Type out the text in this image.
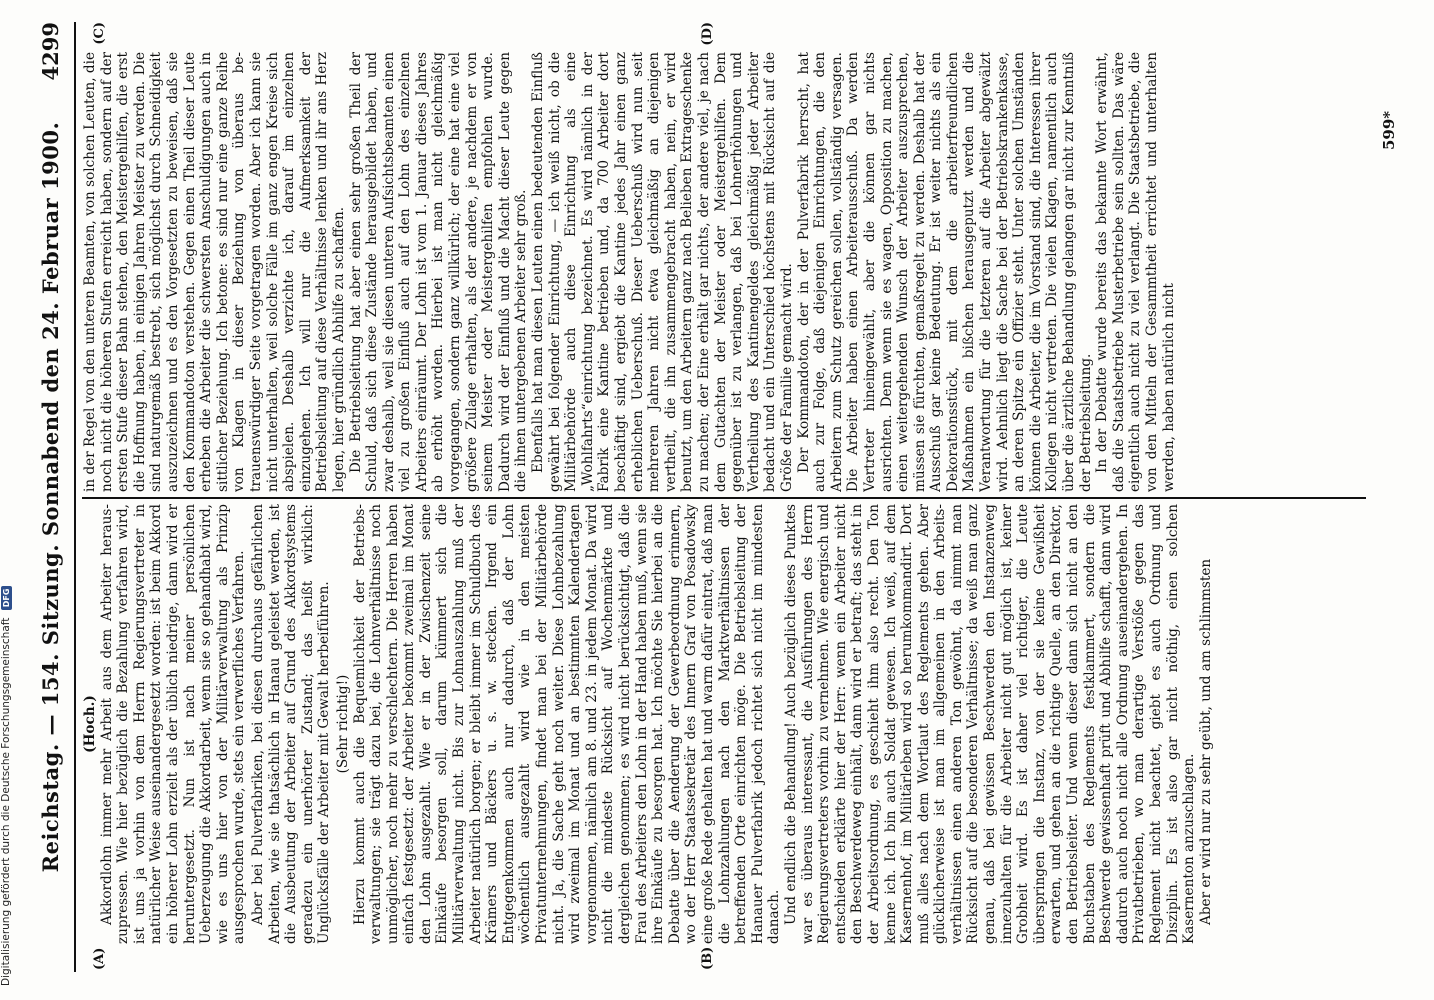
Reichstag. — 154. Sitzung. Sonnabend den 24. Februar 1900.
4299
(A)	(B)
(C)	(D)

(Hoch.) Akkordlohn immer mehr Arbeit aus dem Arbeiter herauszupressen. Wie hier bezüglich die Bezahlung verfahren wird, ist uns ja vorhin von dem Herrn Regierungsvertreter in natürlicher Weise auseinandergesetzt worden: ist beim Akkord ein höherer Lohn erzielt als der üblich niedrige, dann wird er heruntergesetzt. Nun ist nach meiner persönlichen Ueberzeugung die Akkordarbeit, wenn sie so gehandhabt wird, wie es uns hier von der Militärverwaltung als Prinzip ausgesprochen wurde, stets ein verwerfliches Verfahren. Aber bei Pulverfabriken, bei diesen durchaus gefährlichen Arbeiten, wie sie thatsächlich in Hanau geleistet werden, ist die Ausbeutung der Arbeiter auf Grund des Akkordsystems geradezu ein unerhörter Zustand; das heißt wirklich: Unglücksfälle der Arbeiter mit Gewalt herbeiführen. (Sehr richtig!) Hierzu kommt auch die Bequemlichkeit der Betriebsverwaltungen; sie trägt dazu bei, die Lohnverhältnisse noch unmöglicher, noch mehr zu verschlechtern. Die Herren haben einfach festgesetzt: der Arbeiter bekommt zweimal im Monat den Lohn ausgezahlt. Wie er in der Zwischenzeit seine Einkäufe besorgen soll, darum kümmert sich die Militärverwaltung nicht. Bis zur Lohnauszahlung muß der Arbeiter natürlich borgen; er bleibt immer im Schuldbuch des Krämers und Bäckers u. s. w. stecken. Irgend ein Entgegenkommen auch nur dadurch, daß der Lohn wöchentlich ausgezahlt wird wie in den meisten Privatunternehmungen, findet man bei der Militärbehörde nicht. Ja, die Sache geht noch weiter. Diese Lohnbezahlung wird zweimal im Monat und an bestimmten Kalendertagen vorgenommen, nämlich am 8. und 23. in jedem Monat. Da wird nicht die mindeste Rücksicht auf Wochenmärkte und dergleichen genommen; es wird nicht berücksichtigt, daß die Frau des Arbeiters den Lohn in der Hand haben muß, wenn sie ihre Einkäufe zu besorgen hat. Ich möchte Sie hierbei an die Debatte über die Aenderung der Gewerbeordnung erinnern, wo der Herr Staatssekretär des Innern Graf von Posadowsky eine große Rede gehalten hat und warm dafür eintrat, daß man die Lohnzahlungen nach den Marktverhältnissen der betreffenden Orte einrichten möge. Die Betriebsleitung der Hanauer Pulverfabrik jedoch richtet sich nicht im mindesten danach. Und endlich die Behandlung! Auch bezüglich dieses Punktes war es überaus interessant, die Ausführungen des Herrn Regierungsvertreters vorhin zu vernehmen. Wie energisch und entschieden erklärte hier der Herr: wenn ein Arbeiter nicht den Beschwerdeweg einhält, dann wird er betraft; das steht in der Arbeitsordnung, es geschieht ihm also recht. Den Ton kenne ich. Ich bin auch Soldat gewesen. Ich weiß, auf dem Kasernenhof, im Militärleben wird so herumkommandirt. Dort muß alles nach dem Wortlaut des Reglements gehen. Aber glücklicherweise ist man im allgemeinen in den Arbeitsverhältnissen einen anderen Ton gewöhnt, da nimmt man Rücksicht auf die besonderen Verhältnisse; da weiß man ganz genau, daß bei gewissen Beschwerden den Instanzenweg innezuhalten für die Arbeiter nicht gut möglich ist, keiner Grobheit wird. Es ist daher viel richtiger, die Leute überspringen die Instanz, von der sie keine Gewißheit erwarten, und gehen an die richtige Quelle, an den Direktor, den Betriebsleiter. Und wenn dieser dann sich nicht an den Buchstaben des Reglements festklammert, sondern die Beschwerde gewissenhaft prüft und Abhilfe schafft, dann wird dadurch auch noch nicht alle Ordnung auseinandergehen. In Privatbetrieben, wo man derartige Verstöße gegen das Reglement nicht beachtet, giebt es auch Ordnung und Disziplin. Es ist also gar nicht nöthig, einen solchen Kasernenton anzuschlagen. Aber er wird nur zu sehr geübt, und am schlimmsten

in der Regel von den unteren Beamten, von solchen Leuten, die noch nicht die höheren Stufen erreicht haben, sondern auf der ersten Stufe dieser Bahn stehen, den Meistergehilfen, die erst die Hoffnung haben, in einigen Jahren Meister zu werden. Die sind naturgemäß bestrebt, sich möglichst durch Schneidigkeit auszuzeichnen und es den Vorgesetzten zu beweisen, daß sie den Kommandoton verstehen. Gegen einen Theil dieser Leute erheben die Arbeiter die schwersten Anschuldigungen auch in sittlicher Beziehung. Ich betone: es sind nur eine ganze Reihe von Klagen in dieser Beziehung von überaus betrauenswürdiger Seite vorgetragen worden. Aber ich kann sie nicht unterhalten, weil solche Fälle im ganz engen Kreise sich abspielen. Deshalb verzichte ich, darauf im einzelnen einzugehen. Ich will nur die Aufmerksamkeit der Betriebsleitung auf diese Verhältnisse lenken und ihr ans Herz legen, hier gründlich Abhilfe zu schaffen. Die Betriebsleitung hat aber einen sehr großen Theil der Schuld, daß sich diese Zustände herausgebildet haben, und zwar deshalb, weil sie diesen unteren Aufsichtsbeamten einen viel zu großen Einfluß auch auf den Lohn des einzelnen Arbeiters einräumt. Der Lohn ist vom 1. Januar dieses Jahres ab erhöht worden. Hierbei ist man nicht gleichmäßig vorgegangen, sondern ganz willkürlich; der eine hat eine viel größere Zulage erhalten, als der andere, je nachdem er von seinem Meister oder Meistergehilfen empfohlen wurde. Dadurch wird der Einfluß und die Macht dieser Leute gegen die ihnen untergebenen Arbeiter sehr groß. Ebenfalls hat man diesen Leuten einen bedeutenden Einfluß gewährt bei folgender Einrichtung, — ich weiß nicht, ob die Militärbehörde auch diese Einrichtung als eine „Wohlfahrts“einrichtung bezeichnet. Es wird nämlich in der Fabrik eine Kantine betrieben und, da 700 Arbeiter dort beschäftigt sind, ergiebt die Kantine jedes Jahr einen ganz erheblichen Ueberschuß. Dieser Ueberschuß wird nun seit mehreren Jahren nicht etwa gleichmäßig an diejenigen vertheilt, die ihn zusammengebracht haben, nein, er wird benutzt, um den Arbeitern ganz nach Belieben Extrageschenke zu machen; der Eine erhält gar nichts, der andere viel, je nach dem Gutachten der Meister oder Meistergehilfen. Dem gegenüber ist zu verlangen, daß bei Lohnerhöhungen und Vertheilung des Kantinengeldes gleichmäßig jeder Arbeiter bedacht und ein Unterschied höchstens mit Rücksicht auf die Größe der Familie gemacht wird. Der Kommandoton, der in der Pulverfabrik herrscht, hat auch zur Folge, daß diejenigen Einrichtungen, die den Arbeitern zum Schutz gereichen sollen, vollständig versagen. Die Arbeiter haben einen Arbeiterausschuß. Da werden Vertreter hineingewählt, aber die können gar nichts ausrichten. Denn wenn sie es wagen, Opposition zu machen, einen weitergehenden Wunsch der Arbeiter auszusprechen, müssen sie fürchten, gemaßregelt zu werden. Deshalb hat der Ausschuß gar keine Bedeutung. Er ist weiter nichts als ein Dekorationsstück, mit dem die arbeiterfreundlichen Maßnahmen ein bißchen herausgeputzt werden und die Verantwortung für die letzteren auf die Arbeiter abgewälzt wird. Aehnlich liegt die Sache bei der Betriebskrankenkasse, an deren Spitze ein Offizier steht. Unter solchen Umständen können die Arbeiter, die im Vorstand sind, die Interessen ihrer Kollegen nicht vertreten. Die vielen Klagen, namentlich auch über die ärztliche Behandlung gelangen gar nicht zur Kenntniß der Betriebsleitung. In der Debatte wurde bereits das bekannte Wort erwähnt, daß die Staatsbetriebe Musterbetriebe sein sollten. Das wäre eigentlich auch nicht zu viel verlangt. Die Staatsbetriebe, die von den Mitteln der Gesammtheit errichtet und unterhalten werden, haben natürlich nicht

599*
Digitalisierung gefördert durch die Deutsche Forschungsgemeinschaft DFG
